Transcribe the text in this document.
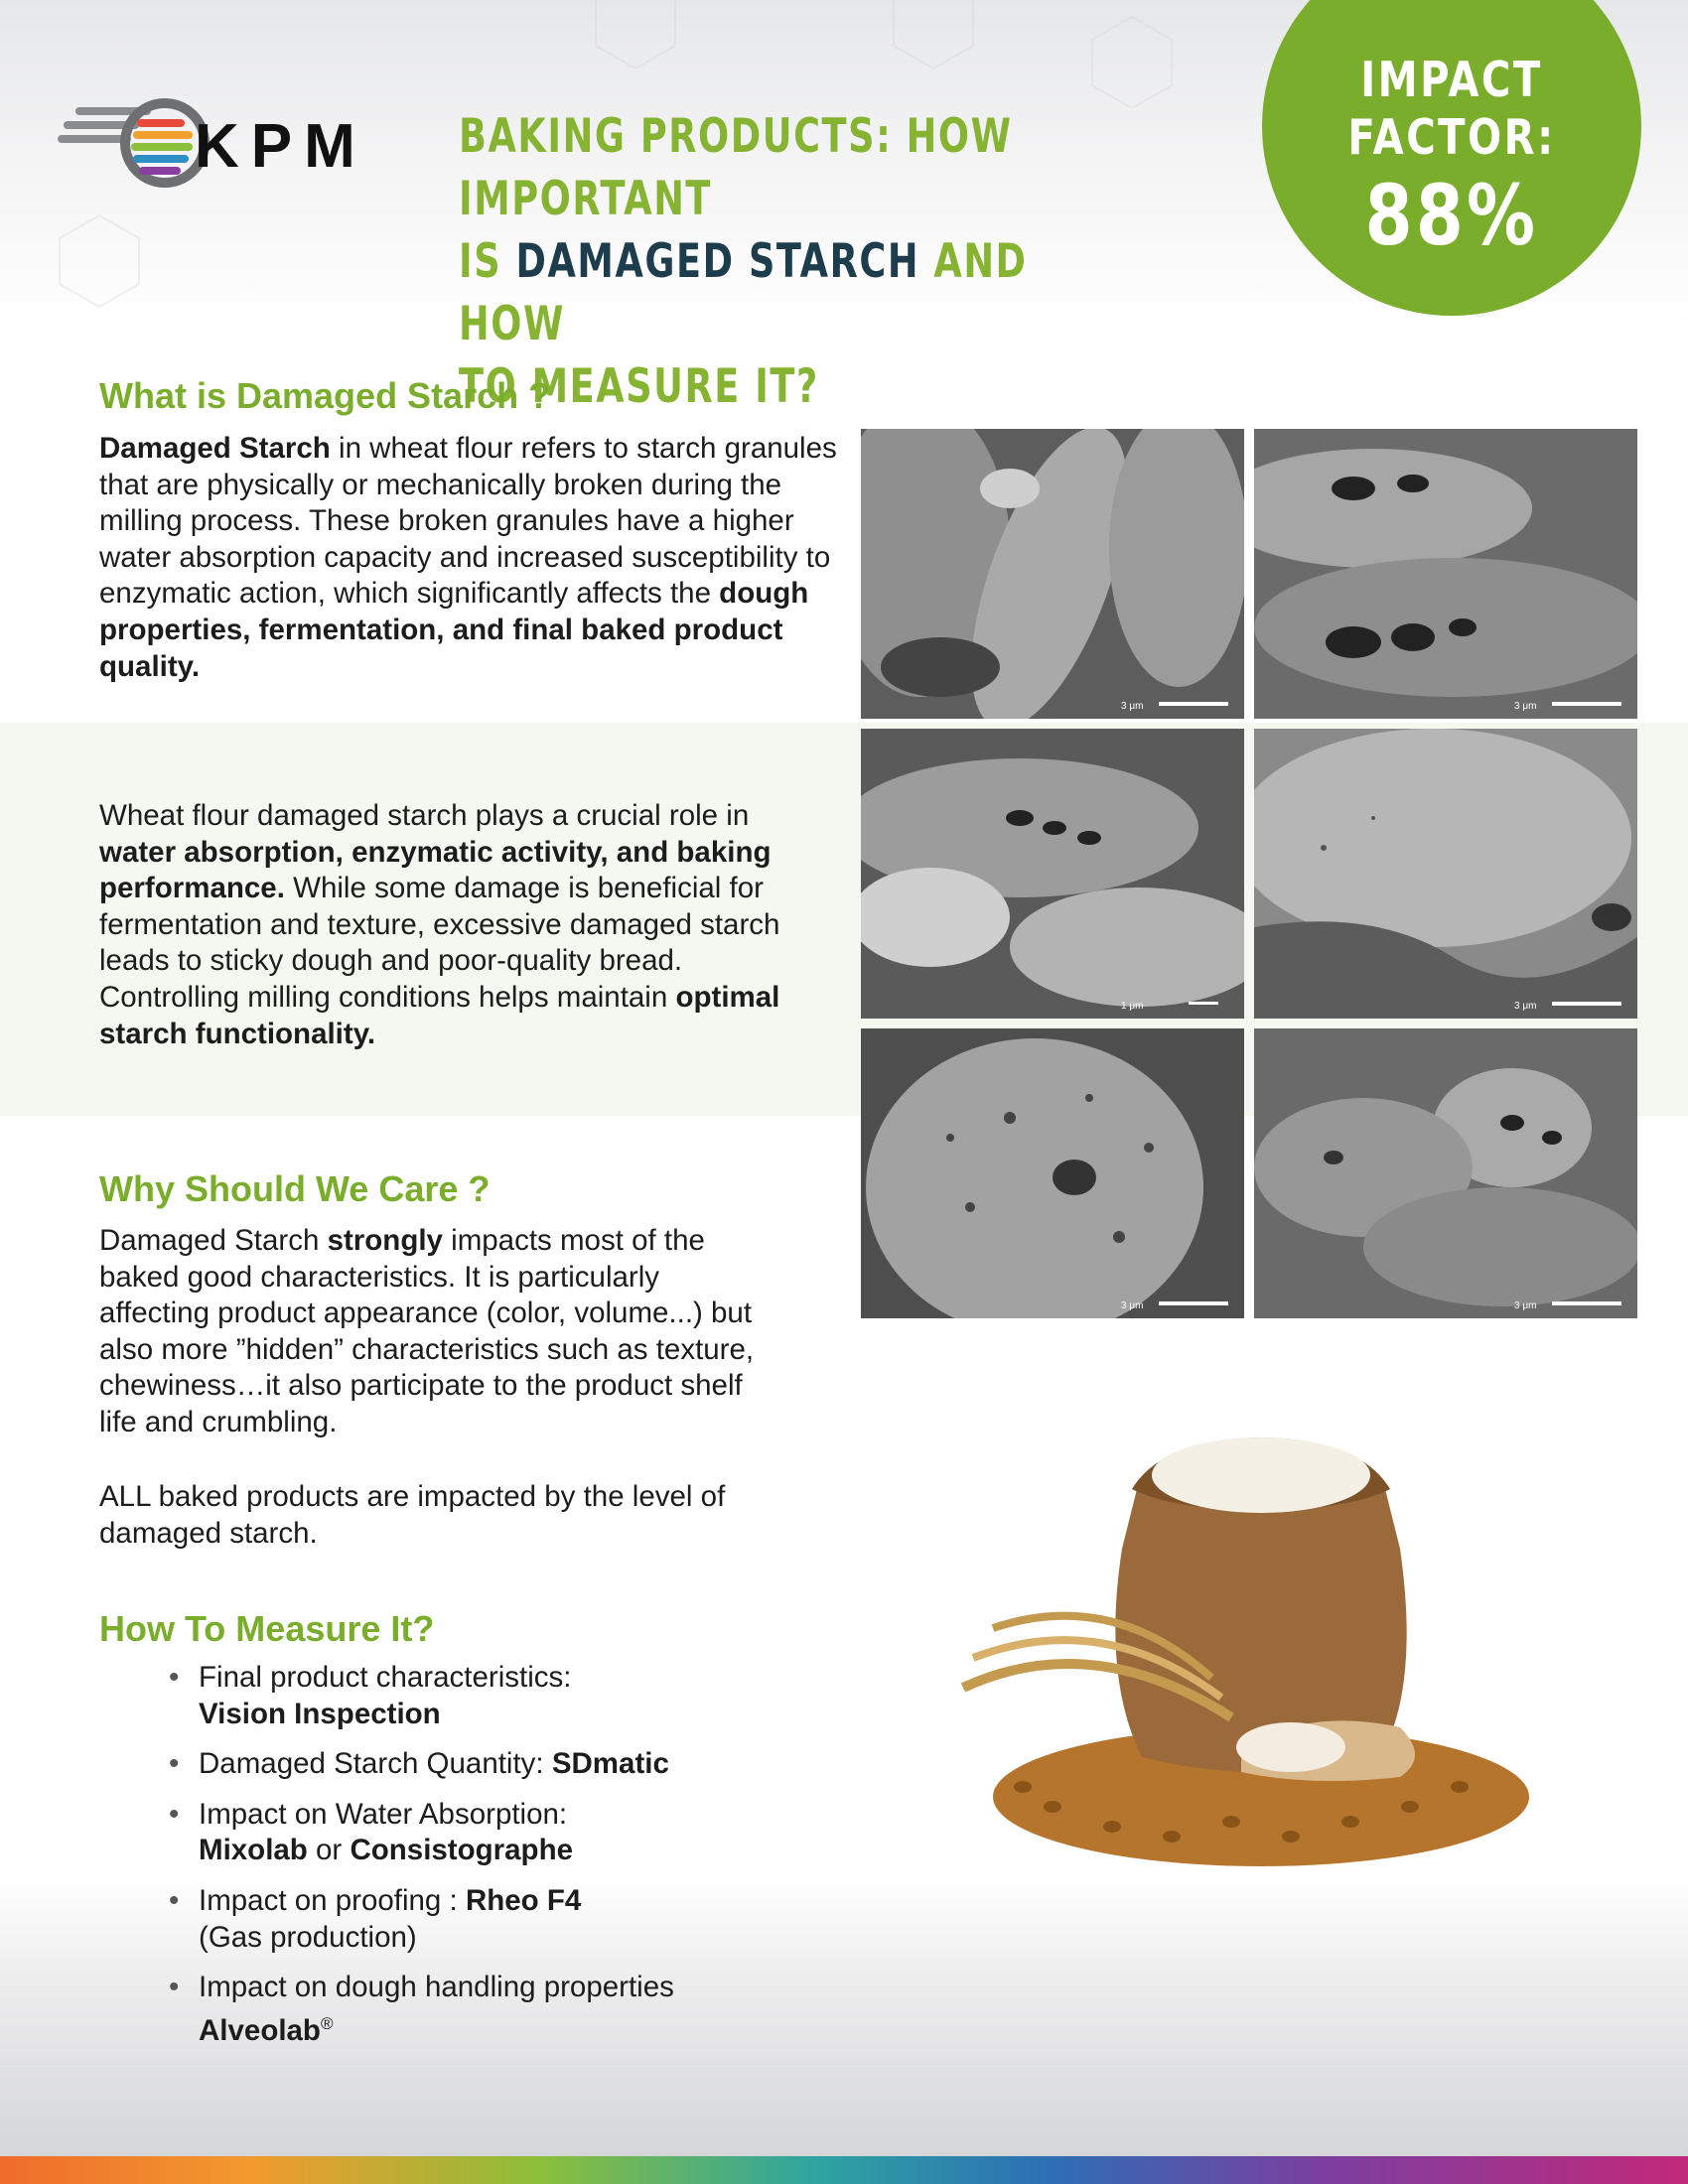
KPM BAKING PRODUCTS: HOW IMPORTANT
IS DAMAGED STARCH AND HOW
TO MEASURE IT?
IMPACT
FACTOR:
88%
What is Damaged Starch ?
Damaged Starch in wheat flour refers to starch granules that are physically or mechanically broken during the milling process. These broken granules have a higher water absorption capacity and increased susceptibility to enzymatic action, which significantly affects the dough properties, fermentation, and final baked product quality.
Wheat flour damaged starch plays a crucial role in water absorption, enzymatic activity, and baking performance. While some damage is beneficial for fermentation and texture, excessive damaged starch leads to sticky dough and poor-quality bread. Controlling milling conditions helps maintain optimal starch functionality.
Why Should We Care ?
Damaged Starch strongly impacts most of the baked good characteristics. It is particularly affecting product appearance (color, volume...) but also more ”hidden” characteristics such as texture, chewiness…it also participate to the product shelf life and crumbling.
ALL baked products are impacted by the level of damaged starch.
How To Measure It?
• Final product characteristics:
Vision Inspection
• Damaged Starch Quantity: SDmatic
• Impact on Water Absorption:
Mixolab or Consistographe
• Impact on proofing : Rheo F4
(Gas production)
• Impact on dough handling properties
Alveolab®
3 μm	3 μm
1 μm	3 μm
3 μm	3 μm
